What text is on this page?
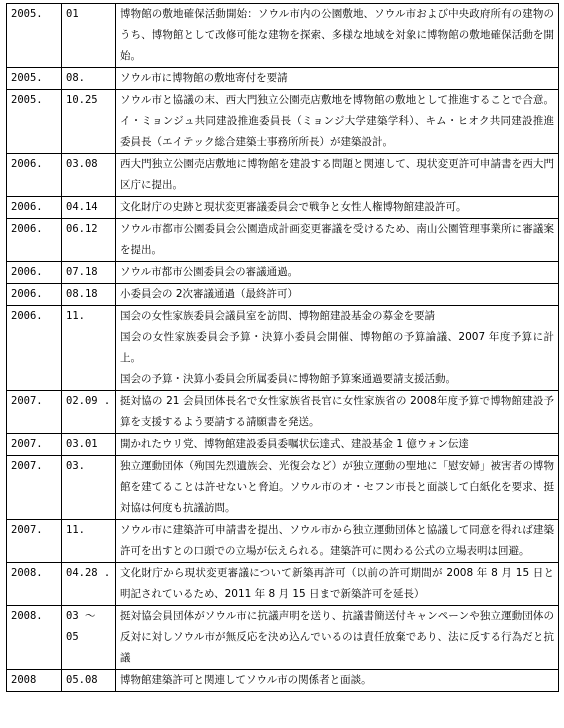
2005.	01	博物館の敷地確保活動開始：ソウル市内の公園敷地、ソウル市および中央政府所有の建物のうち、博物館として改修可能な建物を探索、多様な地域を対象に博物館の敷地確保活動を開始。

2005.	08.	ソウル市に博物館の敷地寄付を要請

2005.	10.25	ソウル市と協議の末、西大門独立公園売店敷地を博物館の敷地として推進することで合意。イ・ミョンジュ共同建設推進委員長（ミョンジ大学建築学科）、キム・ヒオク共同建設推進委員長（エイテック総合建築士事務所所長）が建築設計。

2006.	03.08	西大門独立公園売店敷地に博物館を建設する問題と関連して、現状変更許可申請書を西大門区庁に提出。

2006.	04.14	文化財庁の史跡と現状変更審議委員会で戦争と女性人権博物館建設許可。

2006.	06.12	ソウル市都市公園委員会公園造成計画変更審議を受けるため、南山公園管理事業所に審議案を提出。

2006.	07.18	ソウル市都市公園委員会の審議通過。

2006.	08.18	小委員会の 2次審議通過（最終許可）

2006.	11.	国会の女性家族委員会議員室を訪問、博物館建設基金の募金を要請

国会の女性家族委員会予算・決算小委員会開催、博物館の予算論議、2007 年度予算に計上。

国会の予算・決算小委員会所属委員に博物館予算案通過要請支援活動。

2007.	02.09 .	挺対協の 21 会員団体長名で女性家族省長官に女性家族省の 2008年度予算で博物館建設予算を支援するよう要請する請願書を発送。

2007.	03.01	開かれたウリ党、博物館建設委員委嘱状伝達式、建設基金 1 億ウォン伝達

2007.	03.	独立運動団体（殉国先烈遺族会、光復会など）が独立運動の聖地に「慰安婦」被害者の博物館を建てることは許せないと脅迫。ソウル市のオ・セフン市長と面談して白紙化を要求、挺対協は何度も抗議訪問。

2007.	11.	ソウル市に建築許可申請書を提出、ソウル市から独立運動団体と協議して同意を得れば建築許可を出すとの口頭での立場が伝えられる。建築許可に関わる公式の立場表明は回避。

2008.	04.28 .	文化財庁から現状変更審議について新築再許可（以前の許可期間が 2008 年 8 月 15 日と明記されているため、2011 年 8 月 15 日まで新築許可を延長）

2008.	03 ～ 05	挺対協会員団体がソウル市に抗議声明を送り、抗議書簡送付キャンペーンや独立運動団体の反対に対しソウル市が無反応を決め込んでいるのは責任放棄であり、法に反する行為だと抗議

2008	05.08	博物館建築許可と関連してソウル市の関係者と面談。
